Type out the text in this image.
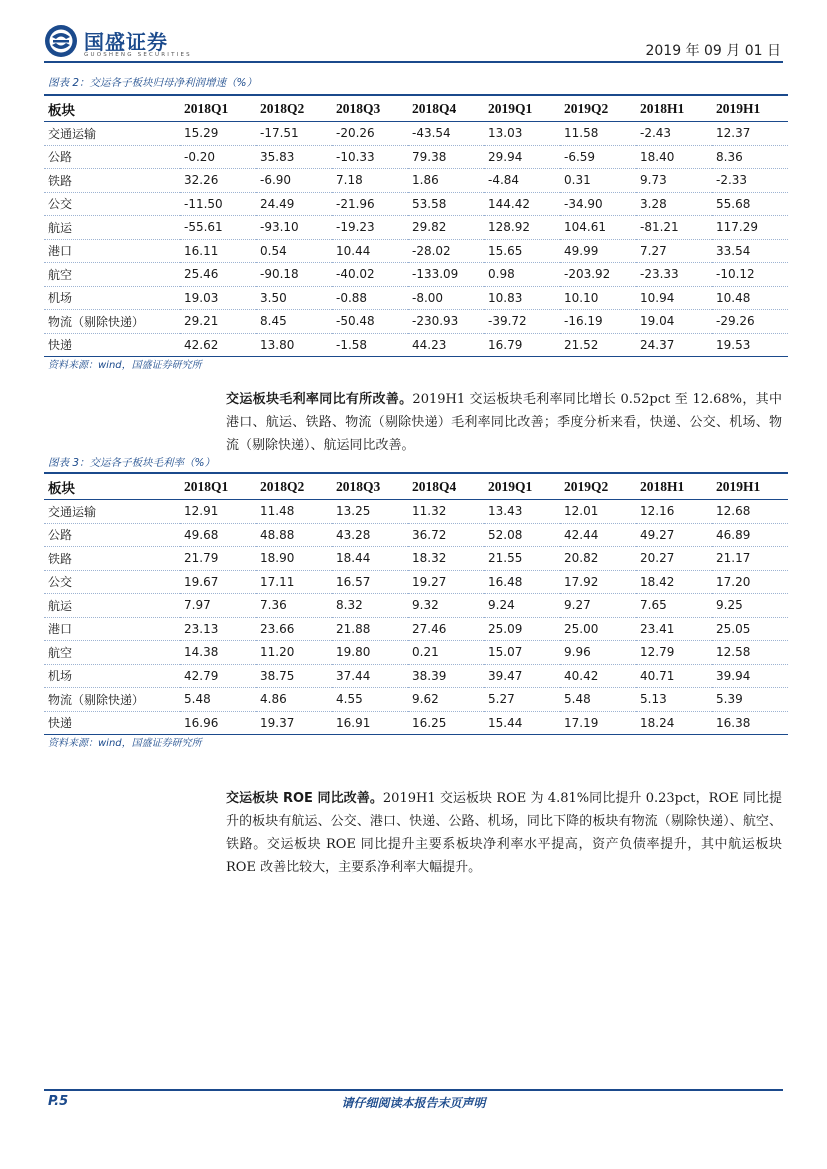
国盛证券
GUOSHENG SECURITIES	2019 年 09 月 01 日
图表 2：交运各子板块归母净利润增速（%）
板块	2018Q1	2018Q2	2018Q3	2018Q4	2019Q1	2019Q2	2018H1	2019H1
交通运输	15.29	-17.51	-20.26	-43.54	13.03	11.58	-2.43	12.37
公路	-0.20	35.83	-10.33	79.38	29.94	-6.59	18.40	8.36
铁路	32.26	-6.90	7.18	1.86	-4.84	0.31	9.73	-2.33
公交	-11.50	24.49	-21.96	53.58	144.42	-34.90	3.28	55.68
航运	-55.61	-93.10	-19.23	29.82	128.92	104.61	-81.21	117.29
港口	16.11	0.54	10.44	-28.02	15.65	49.99	7.27	33.54
航空	25.46	-90.18	-40.02	-133.09	0.98	-203.92	-23.33	-10.12
机场	19.03	3.50	-0.88	-8.00	10.83	10.10	10.94	10.48
物流（剔除快递）	29.21	8.45	-50.48	-230.93	-39.72	-16.19	19.04	-29.26
快递	42.62	13.80	-1.58	44.23	16.79	21.52	24.37	19.53
资料来源：wind，国盛证券研究所
交运板块毛利率同比有所改善。2019H1 交运板块毛利率同比增长 0.52pct 至 12.68%，其中港口、航运、铁路、物流（剔除快递）毛利率同比改善；季度分析来看，快递、公交、机场、物流（剔除快递）、航运同比改善。
图表 3：交运各子板块毛利率（%）
板块	2018Q1	2018Q2	2018Q3	2018Q4	2019Q1	2019Q2	2018H1	2019H1
交通运输	12.91	11.48	13.25	11.32	13.43	12.01	12.16	12.68
公路	49.68	48.88	43.28	36.72	52.08	42.44	49.27	46.89
铁路	21.79	18.90	18.44	18.32	21.55	20.82	20.27	21.17
公交	19.67	17.11	16.57	19.27	16.48	17.92	18.42	17.20
航运	7.97	7.36	8.32	9.32	9.24	9.27	7.65	9.25
港口	23.13	23.66	21.88	27.46	25.09	25.00	23.41	25.05
航空	14.38	11.20	19.80	0.21	15.07	9.96	12.79	12.58
机场	42.79	38.75	37.44	38.39	39.47	40.42	40.71	39.94
物流（剔除快递）	5.48	4.86	4.55	9.62	5.27	5.48	5.13	5.39
快递	16.96	19.37	16.91	16.25	15.44	17.19	18.24	16.38
资料来源：wind，国盛证券研究所
交运板块 ROE 同比改善。2019H1 交运板块 ROE 为 4.81%同比提升 0.23pct，ROE 同比提升的板块有航运、公交、港口、快递、公路、机场，同比下降的板块有物流（剔除快递）、航空、铁路。交运板块 ROE 同比提升主要系板块净利率水平提高，资产负债率提升，其中航运板块 ROE 改善比较大，主要系净利率大幅提升。
请仔细阅读本报告末页声明
P.5
